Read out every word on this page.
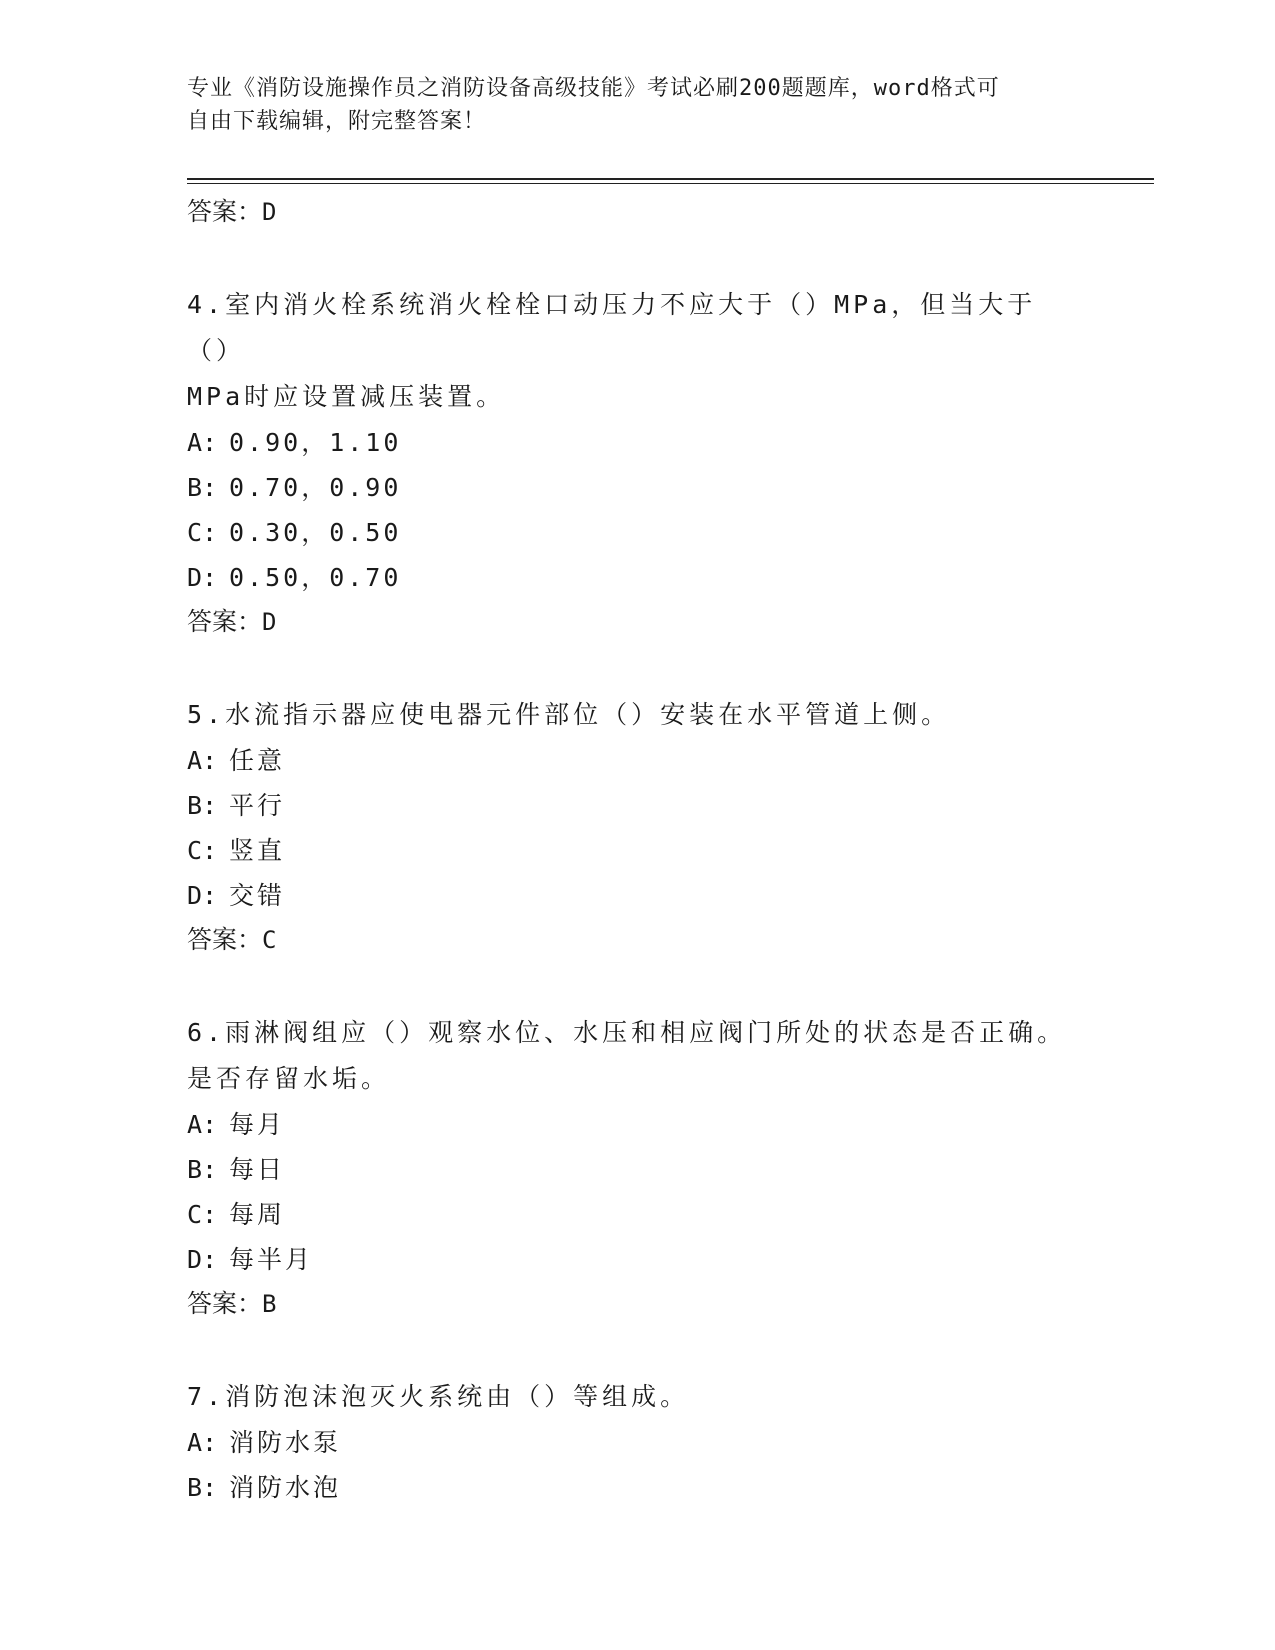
专业《消防设施操作员之消防设备高级技能》考试必刷200题题库，word格式可
自由下载编辑，附完整答案！
答案：D
4.室内消火栓系统消火栓栓口动压力不应大于（）MPa，但当大于（）
MPa时应设置减压装置。
A: 0.90，1.10
B: 0.70，0.90
C: 0.30，0.50
D: 0.50，0.70
答案：D
5.水流指示器应使电器元件部位（）安装在水平管道上侧。
A: 任意
B: 平行
C: 竖直
D: 交错
答案：C
6.雨淋阀组应（）观察水位、水压和相应阀门所处的状态是否正确。
是否存留水垢。
A: 每月
B: 每日
C: 每周
D: 每半月
答案：B
7.消防泡沫泡灭火系统由（）等组成。
A: 消防水泵
B: 消防水泡
